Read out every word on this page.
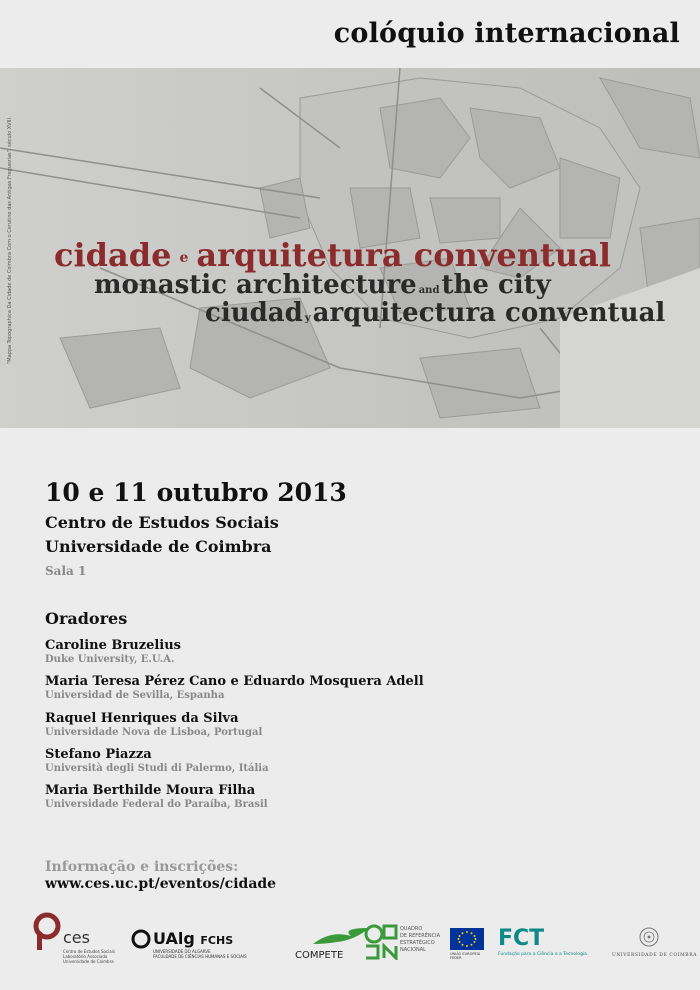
colóquio internacional
"Mappa Topographica Da Cidade de Coimbra Com o Cerutino das Antigas Freguezias", século XVIII cidade e arquitetura conventual
monastic architecture andthe city
ciudad yarquitectura conventual
10 e 11 outubro 2013
Centro de Estudos Sociais
Universidade de Coimbra
Sala 1
Oradores
Caroline Bruzelius
Duke University, E.U.A.
Maria Teresa Pérez Cano e Eduardo Mosquera Adell
Universidad de Sevilla, Espanha
Raquel Henriques da Silva
Universidade Nova de Lisboa, Portugal
Stefano Piazza
Università degli Studi di Palermo, Itália
Maria Berthilde Moura Filha
Universidade Federal do Paraíba, Brasil
Informação e inscrições:
www.ces.uc.pt/eventos/cidade
ces
Centro de Estudos Sociais
Laboratório Associado
Universidade de Coimbra
UAlg FCHS
UNIVERSIDADE DO ALGARVE
FACULDADE DE CIÊNCIAS HUMANAS E SOCIAIS	COMPETE
QUADRO
DE REFERÊNCIA
ESTRATÉGICO
NACIONAL
UNIÃO EUROPEIA
FEDER
FCT
Fundação para a Ciência e a Tecnologia	UNIVERSIDADE DE COIMBRA
